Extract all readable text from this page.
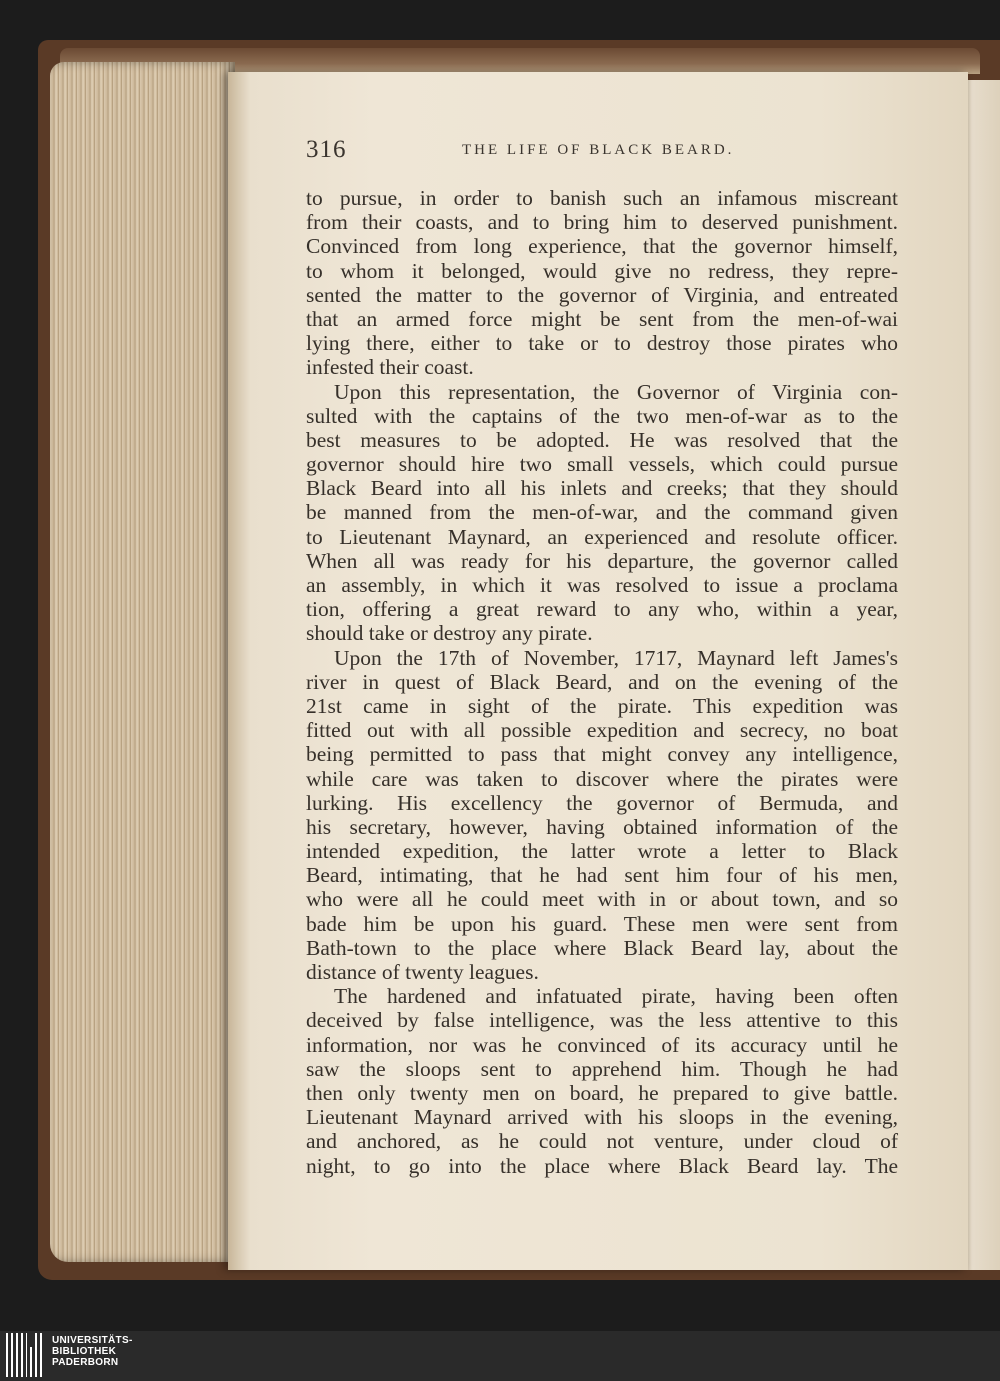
316	THE LIFE OF BLACK BEARD.
to pursue, in order to banish such an infamous miscreant
from their coasts, and to bring him to deserved punishment.
Convinced from long experience, that the governor himself,
to whom it belonged, would give no redress, they repre-
sented the matter to the governor of Virginia, and entreated
that an armed force might be sent from the men-of-wai
lying there, either to take or to destroy those pirates who
infested their coast.
Upon this representation, the Governor of Virginia con-
sulted with the captains of the two men-of-war as to the
best measures to be adopted. He was resolved that the
governor should hire two small vessels, which could pursue
Black Beard into all his inlets and creeks; that they should
be manned from the men-of-war, and the command given
to Lieutenant Maynard, an experienced and resolute officer.
When all was ready for his departure, the governor called
an assembly, in which it was resolved to issue a proclama
tion, offering a great reward to any who, within a year,
should take or destroy any pirate.
Upon the 17th of November, 1717, Maynard left James's
river in quest of Black Beard, and on the evening of the
21st came in sight of the pirate. This expedition was
fitted out with all possible expedition and secrecy, no boat
being permitted to pass that might convey any intelligence,
while care was taken to discover where the pirates were
lurking. His excellency the governor of Bermuda, and
his secretary, however, having obtained information of the
intended expedition, the latter wrote a letter to Black
Beard, intimating, that he had sent him four of his men,
who were all he could meet with in or about town, and so
bade him be upon his guard. These men were sent from
Bath-town to the place where Black Beard lay, about the
distance of twenty leagues.
The hardened and infatuated pirate, having been often
deceived by false intelligence, was the less attentive to this
information, nor was he convinced of its accuracy until he
saw the sloops sent to apprehend him. Though he had
then only twenty men on board, he prepared to give battle.
Lieutenant Maynard arrived with his sloops in the evening,
and anchored, as he could not venture, under cloud of
night, to go into the place where Black Beard lay. The
UNIVERSITÄTS-
BIBLIOTHEK
PADERBORN
